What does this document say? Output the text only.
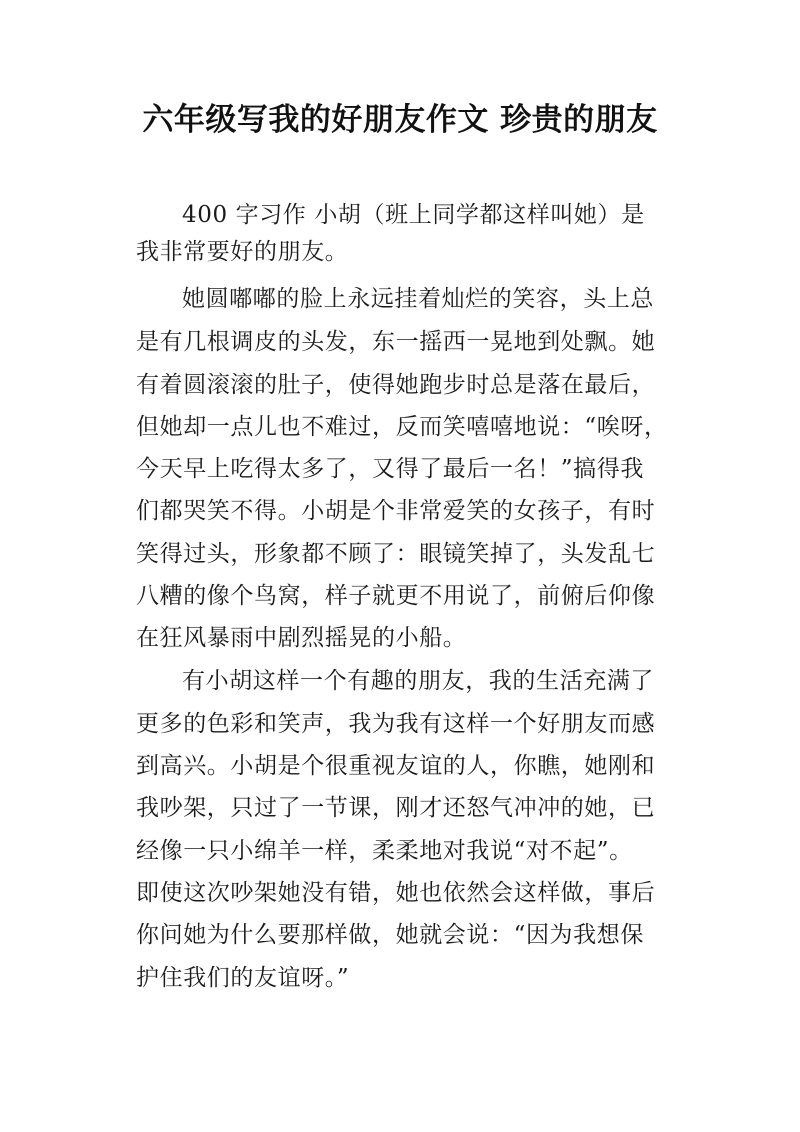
六年级写我的好朋友作文 珍贵的朋友
400 字习作 小胡（班上同学都这样叫她）是
我非常要好的朋友。
她圆嘟嘟的脸上永远挂着灿烂的笑容，头上总
是有几根调皮的头发，东一摇西一晃地到处飘。她
有着圆滚滚的肚子，使得她跑步时总是落在最后，
但她却一点儿也不难过，反而笑嘻嘻地说：“唉呀，
今天早上吃得太多了，又得了最后一名！”搞得我
们都哭笑不得。小胡是个非常爱笑的女孩子，有时
笑得过头，形象都不顾了：眼镜笑掉了，头发乱七
八糟的像个鸟窝，样子就更不用说了，前俯后仰像
在狂风暴雨中剧烈摇晃的小船。
有小胡这样一个有趣的朋友，我的生活充满了
更多的色彩和笑声，我为我有这样一个好朋友而感
到高兴。小胡是个很重视友谊的人，你瞧，她刚和
我吵架，只过了一节课，刚才还怒气冲冲的她，已
经像一只小绵羊一样，柔柔地对我说“对不起”。
即使这次吵架她没有错，她也依然会这样做，事后
你问她为什么要那样做，她就会说：“因为我想保
护住我们的友谊呀。”
